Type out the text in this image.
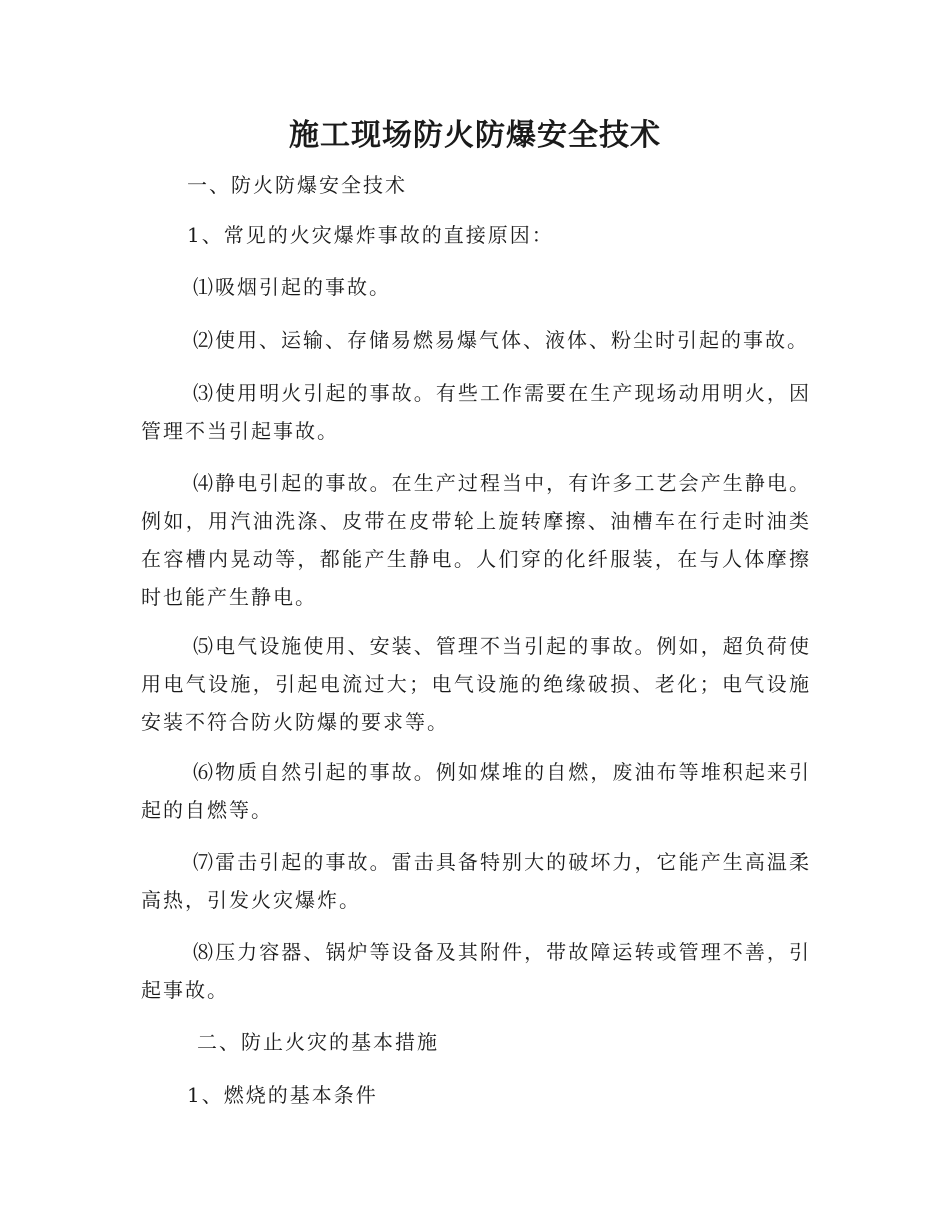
施工现场防火防爆安全技术

一、防火防爆安全技术

1、常见的火灾爆炸事故的直接原因：

⑴吸烟引起的事故。

⑵使用、运输、存储易燃易爆气体、液体、粉尘时引起的事故。

⑶使用明火引起的事故。有些工作需要在生产现场动用明火，因管理不当引起事故。

⑷静电引起的事故。在生产过程当中，有许多工艺会产生静电。例如，用汽油洗涤、皮带在皮带轮上旋转摩擦、油槽车在行走时油类在容槽内晃动等，都能产生静电。人们穿的化纤服装，在与人体摩擦时也能产生静电。

⑸电气设施使用、安装、管理不当引起的事故。例如，超负荷使用电气设施，引起电流过大；电气设施的绝缘破损、老化；电气设施安装不符合防火防爆的要求等。

⑹物质自然引起的事故。例如煤堆的自燃，废油布等堆积起来引起的自燃等。

⑺雷击引起的事故。雷击具备特别大的破坏力，它能产生高温柔高热，引发火灾爆炸。

⑻压力容器、锅炉等设备及其附件，带故障运转或管理不善，引起事故。

二、防止火灾的基本措施

1、燃烧的基本条件
